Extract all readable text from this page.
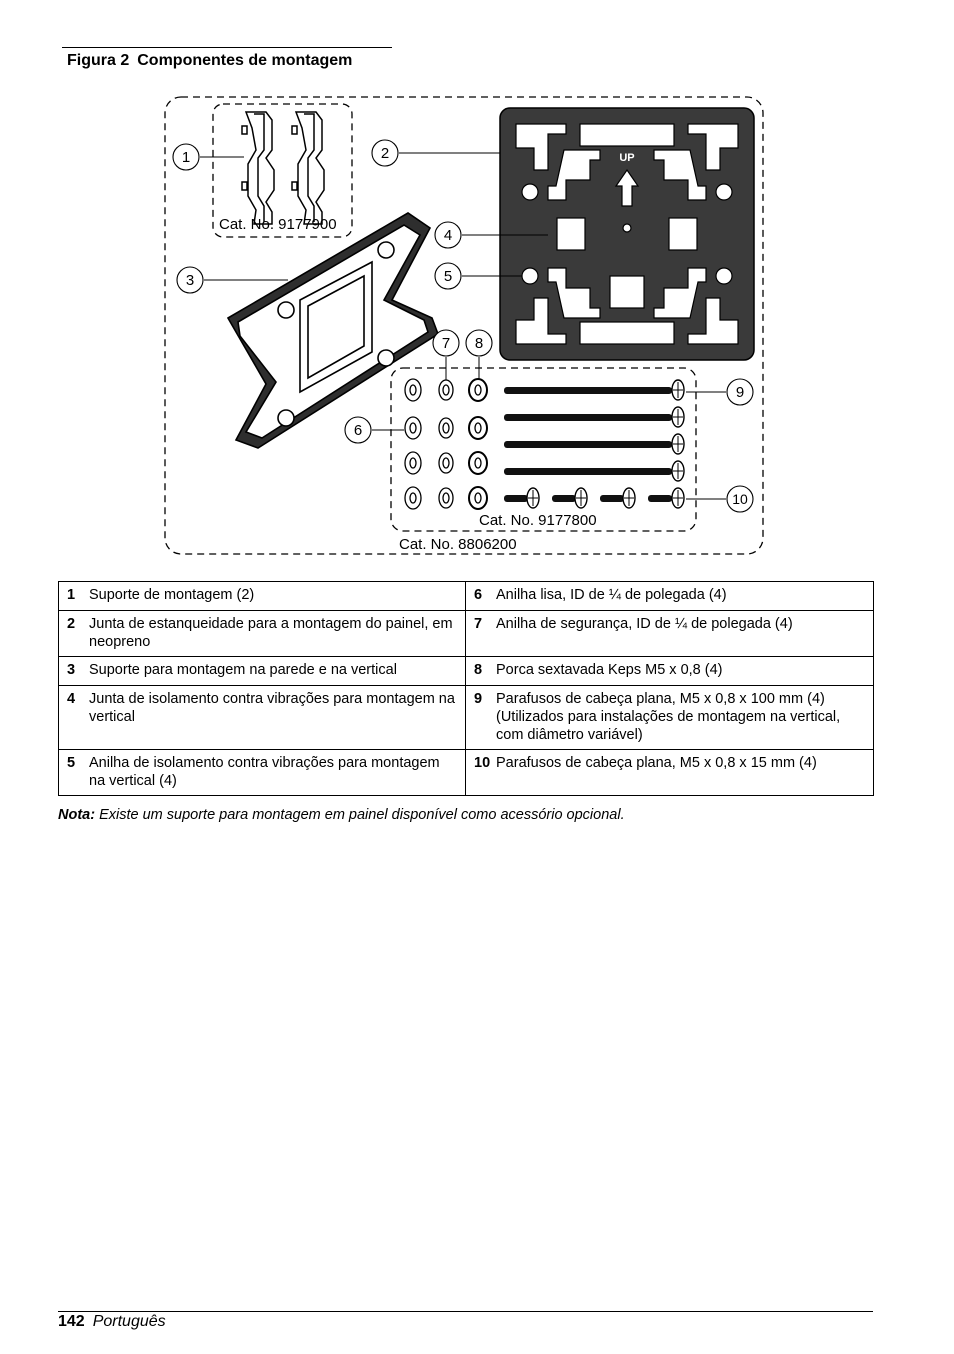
Figura 2 Componentes de montagem
UP
1	2
3
4
5
6
7 8
9
10
Cat. No. 9177900
Cat. No. 9177800
Cat. No. 8806200
1 Suporte de montagem (2)	6 Anilha lisa, ID de ¼ de polegada (4)
2 Junta de estanqueidade para a montagem do painel, em neopreno	7 Anilha de segurança, ID de ¼ de polegada (4)
3 Suporte para montagem na parede e na vertical	8 Porca sextavada Keps M5 x 0,8 (4)
4 Junta de isolamento contra vibrações para montagem na vertical	9 Parafusos de cabeça plana, M5 x 0,8 x 100 mm (4) (Utilizados para instalações de montagem na vertical, com diâmetro variável)
5 Anilha de isolamento contra vibrações para montagem na vertical (4)	10 Parafusos de cabeça plana, M5 x 0,8 x 15 mm (4)
Nota: Existe um suporte para montagem em painel disponível como acessório opcional.
142 Português
